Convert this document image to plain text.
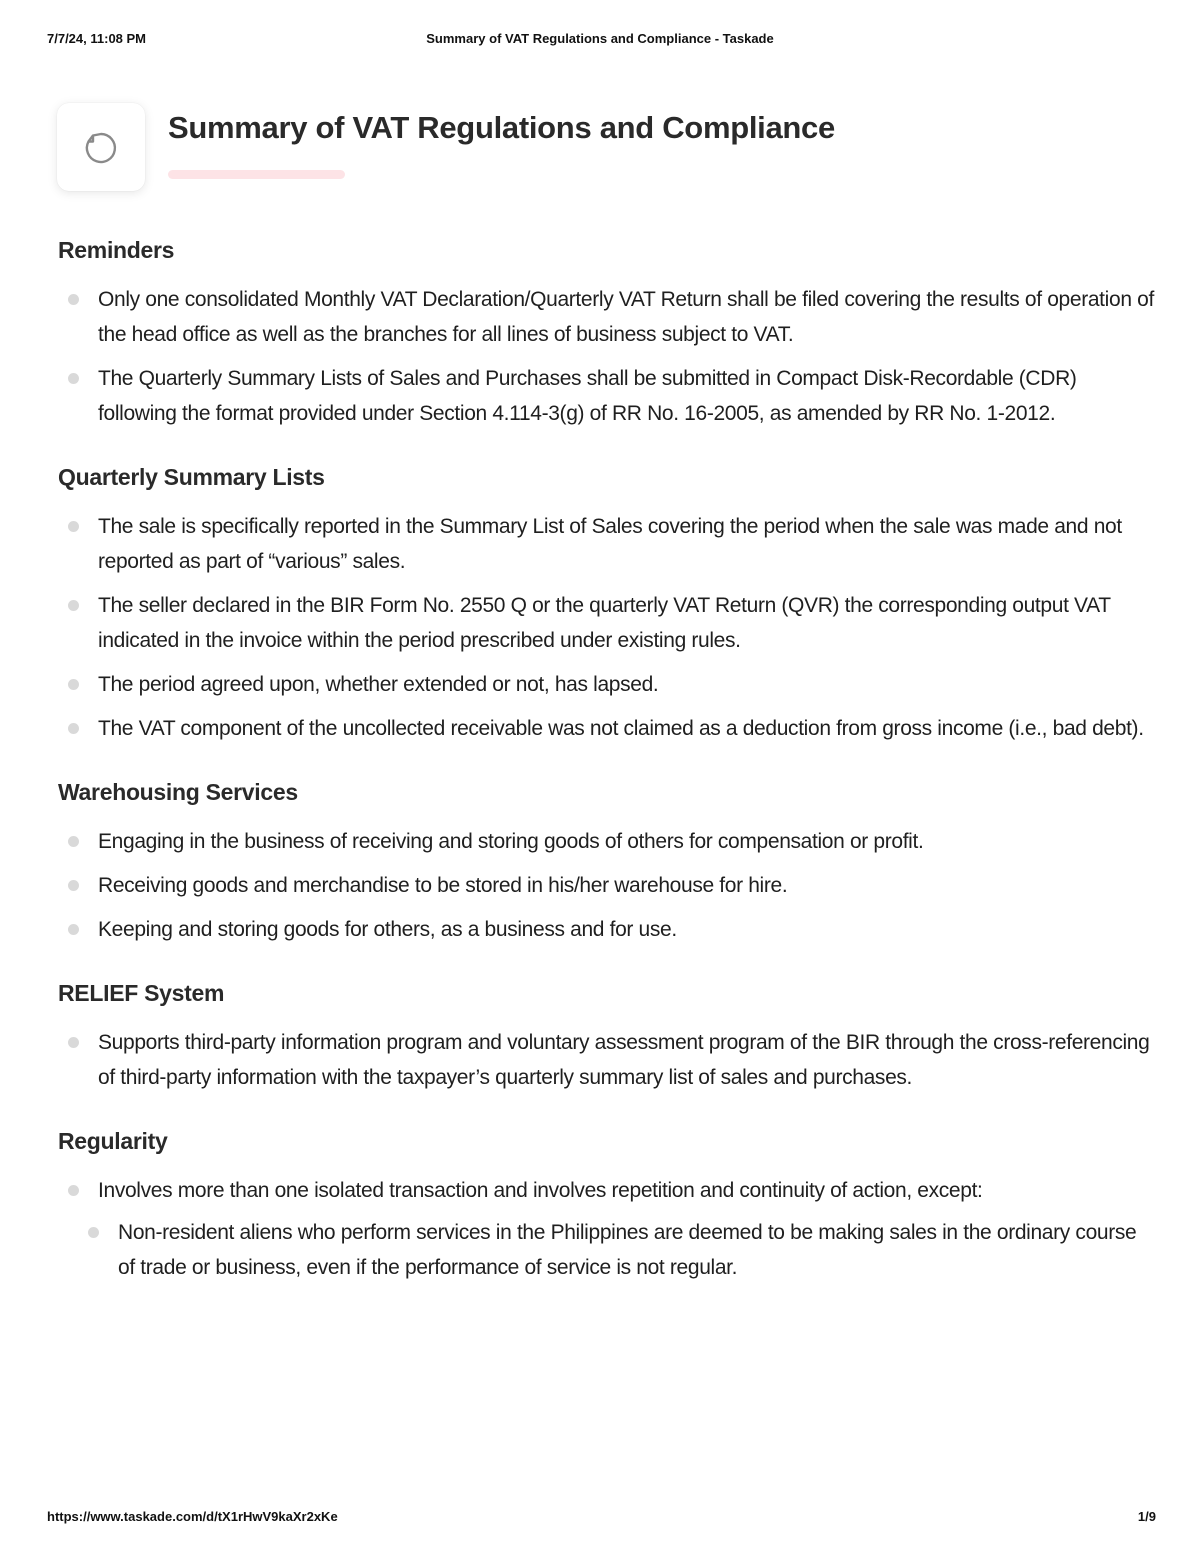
7/7/24, 11:08 PM	Summary of VAT Regulations and Compliance - Taskade
Summary of VAT Regulations and Compliance
Reminders
Only one consolidated Monthly VAT Declaration/Quarterly VAT Return shall be filed covering the results of operation of the head office as well as the branches for all lines of business subject to VAT.
The Quarterly Summary Lists of Sales and Purchases shall be submitted in Compact Disk-Recordable (CDR) following the format provided under Section 4.114-3(g) of RR No. 16-2005, as amended by RR No. 1-2012.
Quarterly Summary Lists
The sale is specifically reported in the Summary List of Sales covering the period when the sale was made and not reported as part of “various” sales.
The seller declared in the BIR Form No. 2550 Q or the quarterly VAT Return (QVR) the corresponding output VAT indicated in the invoice within the period prescribed under existing rules.
The period agreed upon, whether extended or not, has lapsed.
The VAT component of the uncollected receivable was not claimed as a deduction from gross income (i.e., bad debt).
Warehousing Services
Engaging in the business of receiving and storing goods of others for compensation or profit.
Receiving goods and merchandise to be stored in his/her warehouse for hire.
Keeping and storing goods for others, as a business and for use.
RELIEF System
Supports third-party information program and voluntary assessment program of the BIR through the cross-referencing of third-party information with the taxpayer’s quarterly summary list of sales and purchases.
Regularity
Involves more than one isolated transaction and involves repetition and continuity of action, except:
Non-resident aliens who perform services in the Philippines are deemed to be making sales in the ordinary course of trade or business, even if the performance of service is not regular.
https://www.taskade.com/d/tX1rHwV9kaXr2xKe	1/9
